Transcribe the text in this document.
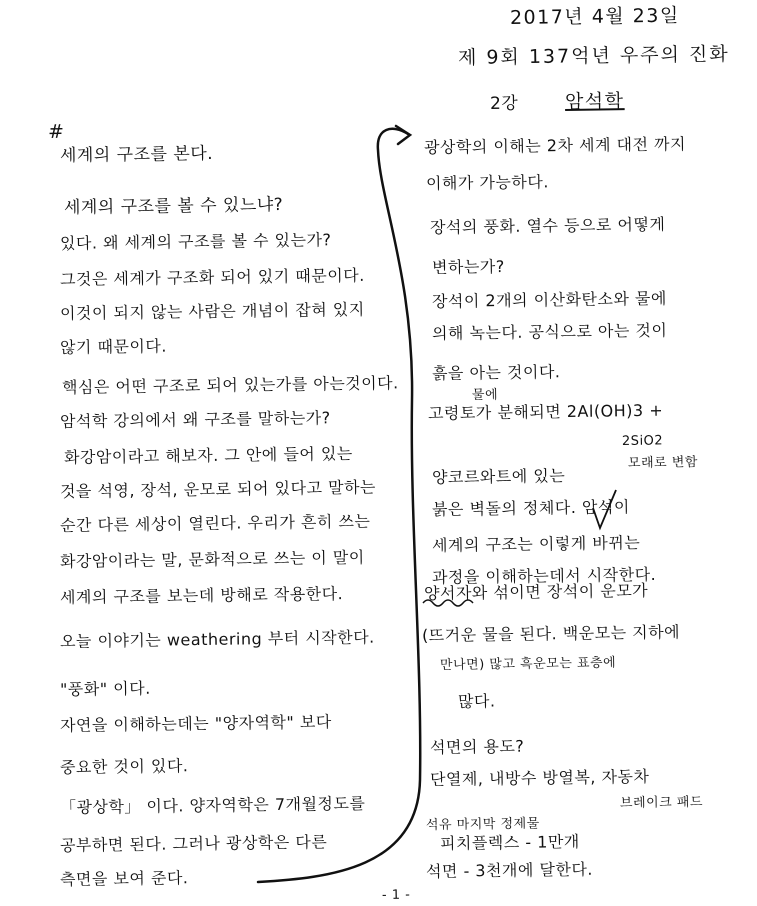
2017년 4월 23일
제 9회 137억년 우주의 진화
2강 암석학
#
세계의 구조를 본다.
세계의 구조를 볼 수 있느냐?
있다. 왜 세계의 구조를 볼 수 있는가?
그것은 세계가 구조화 되어 있기 때문이다.
이것이 되지 않는 사람은 개념이 잡혀 있지
않기 때문이다.
핵심은 어떤 구조로 되어 있는가를 아는것이다.
암석학 강의에서 왜 구조를 말하는가?
화강암이라고 해보자. 그 안에 들어 있는
것을 석영, 장석, 운모로 되어 있다고 말하는
순간 다른 세상이 열린다. 우리가 흔히 쓰는
화강암이라는 말, 문화적으로 쓰는 이 말이
세계의 구조를 보는데 방해로 작용한다.
오늘 이야기는 weathering 부터 시작한다.
"풍화" 이다.
자연을 이해하는데는 "양자역학" 보다
중요한 것이 있다.
「광상학」 이다. 양자역학은 7개월정도를
공부하면 된다. 그러나 광상학은 다른
측면을 보여 준다.
광상학의 이해는 2차 세계 대전 까지
이해가 가능하다.
장석의 풍화. 열수 등으로 어떻게
변하는가?
장석이 2개의 이산화탄소와 물에
의해 녹는다. 공식으로 아는 것이
흙을 아는 것이다.
물에
고령토가 분해되면 2Al(OH)3 +
2SiO2
모래로 변함
양코르와트에 있는
붉은 벽돌의 정체다. 암석이
세계의 구조는 이렇게 바뀌는
과정을 이해하는데서 시작한다.
양서자와 섞이면 장석이 운모가
(뜨거운 물을 된다. 백운모는 지하에
만나면) 많고 흑운모는 표층에
많다.
석면의 용도?
단열제, 내방수 방열복, 자동차
브레이크 패드
석유 마지막 정제물
피치플렉스 - 1만개
석면 - 3천개에 달한다.
- 1 -
